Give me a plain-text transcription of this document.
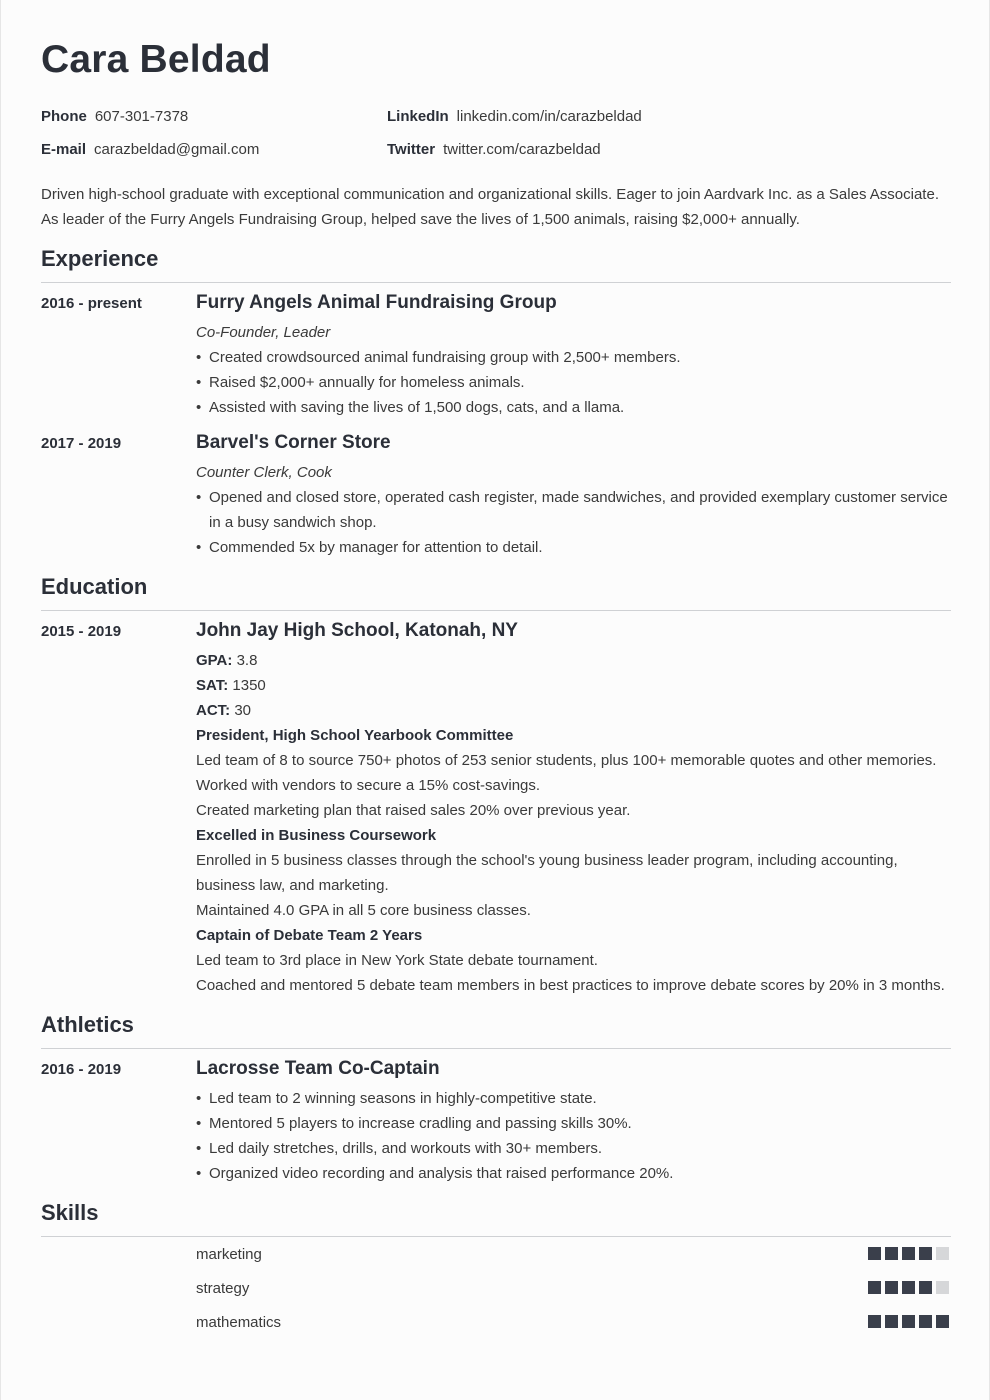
Cara Beldad
Phone 607-301-7378	LinkedIn linkedin.com/in/carazbeldad
E-mail carazbeldad@gmail.com	Twitter twitter.com/carazbeldad
Driven high-school graduate with exceptional communication and organizational skills. Eager to join Aardvark Inc. as a Sales Associate. As leader of the Furry Angels Fundraising Group, helped save the lives of 1,500 animals, raising $2,000+ annually.
Experience
2016 - present	Furry Angels Animal Fundraising Group
Co-Founder, Leader
• Created crowdsourced animal fundraising group with 2,500+ members.
• Raised $2,000+ annually for homeless animals.
• Assisted with saving the lives of 1,500 dogs, cats, and a llama.
2017 - 2019	Barvel's Corner Store
Counter Clerk, Cook
• Opened and closed store, operated cash register, made sandwiches, and provided exemplary customer service in a busy sandwich shop.
• Commended 5x by manager for attention to detail.
Education
2015 - 2019	John Jay High School, Katonah, NY
GPA: 3.8
SAT: 1350
ACT: 30
President, High School Yearbook Committee
Led team of 8 to source 750+ photos of 253 senior students, plus 100+ memorable quotes and other memories.
Worked with vendors to secure a 15% cost-savings.
Created marketing plan that raised sales 20% over previous year.
Excelled in Business Coursework
Enrolled in 5 business classes through the school's young business leader program, including accounting, business law, and marketing.
Maintained 4.0 GPA in all 5 core business classes.
Captain of Debate Team 2 Years
Led team to 3rd place in New York State debate tournament.
Coached and mentored 5 debate team members in best practices to improve debate scores by 20% in 3 months.
Athletics
2016 - 2019	Lacrosse Team Co-Captain
• Led team to 2 winning seasons in highly-competitive state.
• Mentored 5 players to increase cradling and passing skills 30%.
• Led daily stretches, drills, and workouts with 30+ members.
• Organized video recording and analysis that raised performance 20%.
Skills
marketing
strategy
mathematics
